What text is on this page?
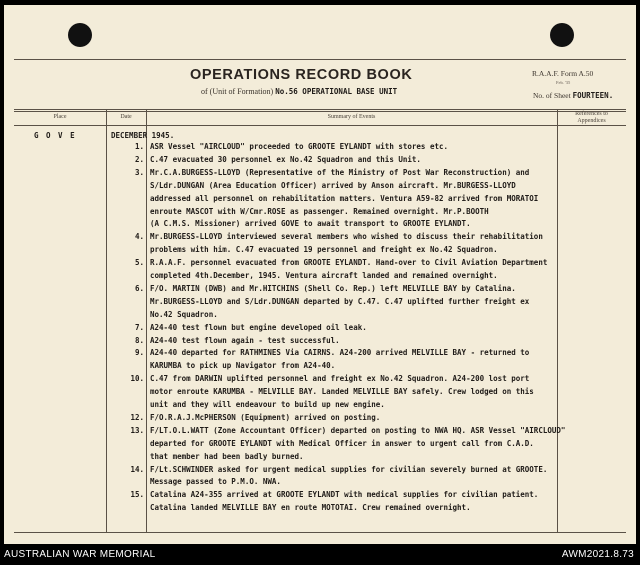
OPERATIONS RECORD BOOK
of (Unit of Formation) No.56 OPERATIONAL BASE UNIT
R.A.A.F. Form A.50
Feb. '35
No. of Sheet FOURTEEN.
Place	Date	Summary of Events	References to
Appendices
G O V E	DECEMBER 1945.
1. ASR Vessel "AIRCLOUD" proceeded to GROOTE EYLANDT with stores etc.
2. C.47 evacuated 30 personnel ex No.42 Squadron and this Unit.
3. Mr.C.A.BURGESS-LLOYD (Representative of the Ministry of Post War Reconstruction) and
S/Ldr.DUNGAN (Area Education Officer) arrived by Anson aircraft. Mr.BURGESS-LLOYD
addressed all personnel on rehabilitation matters. Ventura A59-82 arrived from MORATOI
enroute MASCOT with W/Cmr.ROSE as passenger. Remained overnight. Mr.P.BOOTH
(A C.M.S. Missioner) arrived GOVE to await transport to GROOTE EYLANDT.
4. Mr.BURGESS-LLOYD interviewed several members who wished to discuss their rehabilitation
problems with him. C.47 evacuated 19 personnel and freight ex No.42 Squadron.
5. R.A.A.F. personnel evacuated from GROOTE EYLANDT. Hand-over to Civil Aviation Department
completed 4th.December, 1945. Ventura aircraft landed and remained overnight.
6. F/O. MARTIN (DWB) and Mr.HITCHINS (Shell Co. Rep.) left MELVILLE BAY by Catalina.
Mr.BURGESS-LLOYD and S/Ldr.DUNGAN departed by C.47. C.47 uplifted further freight ex
No.42 Squadron.
7. A24-40 test flown but engine developed oil leak.
8. A24-40 test flown again - test successful.
9. A24-40 departed for RATHMINES Via CAIRNS. A24-200 arrived MELVILLE BAY - returned to
KARUMBA to pick up Navigator from A24-40.
10. C.47 from DARWIN uplifted personnel and freight ex No.42 Squadron. A24-200 lost port
motor enroute KARUMBA - MELVILLE BAY. Landed MELVILLE BAY safely. Crew lodged on this
unit and they will endeavour to build up new engine.
12. F/O.R.A.J.McPHERSON (Equipment) arrived on posting.
13. F/LT.O.L.WATT (Zone Accountant Officer) departed on posting to NWA HQ. ASR Vessel "AIRCLOUD"
departed for GROOTE EYLANDT with Medical Officer in answer to urgent call from C.A.D.
that member had been badly burned.
14. F/Lt.SCHWINDER asked for urgent medical supplies for civilian severely burned at GROOTE.
Message passed to P.M.O. NWA.
15. Catalina A24-355 arrived at GROOTE EYLANDT with medical supplies for civilian patient.
Catalina landed MELVILLE BAY en route MOTOTAI. Crew remained overnight.
AUSTRALIAN WAR MEMORIAL	AWM2021.8.73
